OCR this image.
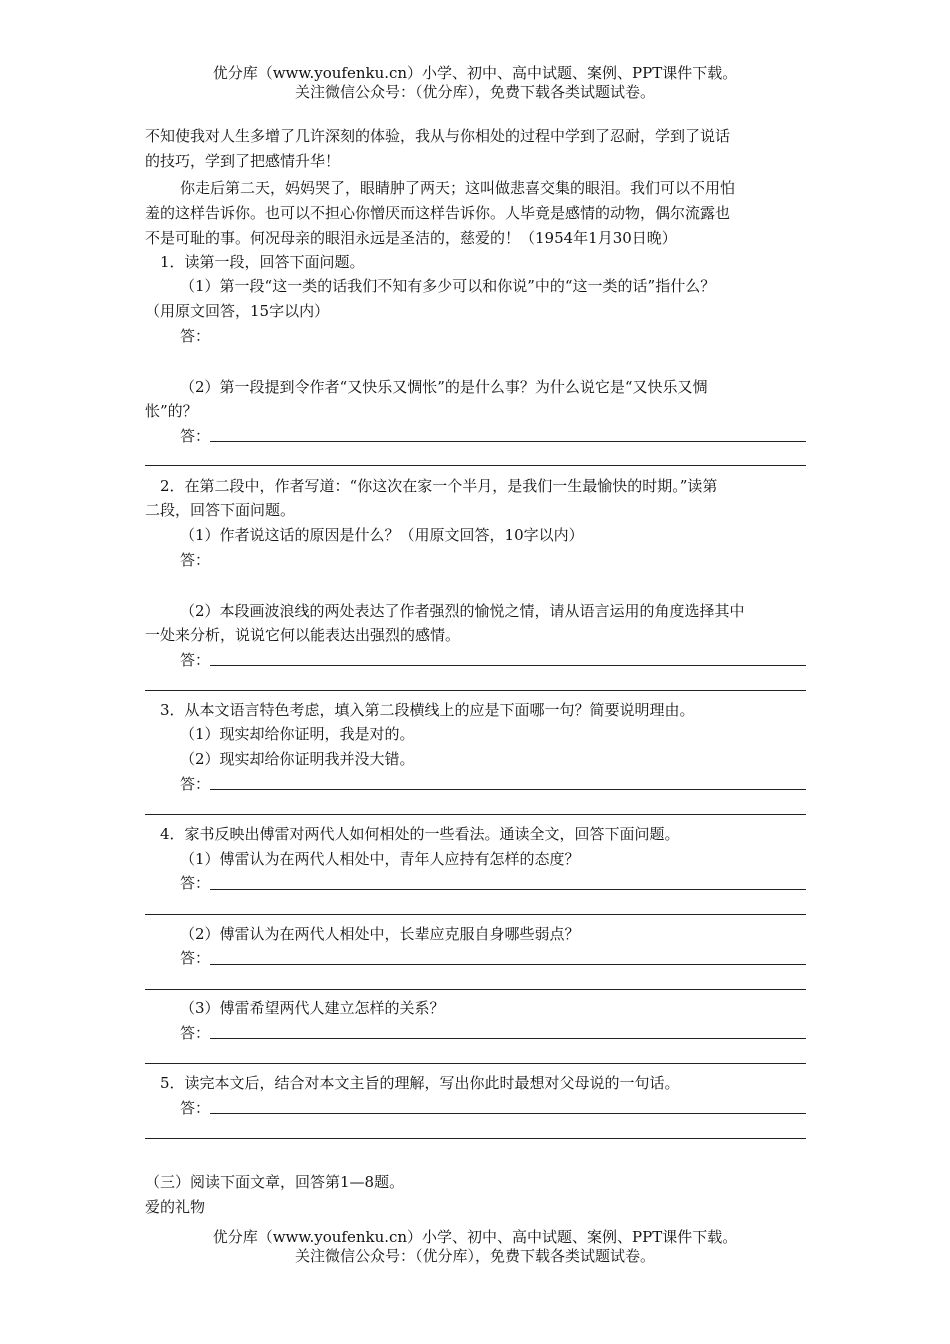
优分库（www.youfenku.cn）小学、初中、高中试题、案例、PPT课件下载。
关注微信公众号：（优分库），免费下载各类试题试卷。
不知使我对人生多增了几许深刻的体验，我从与你相处的过程中学到了忍耐，学到了说话
的技巧，学到了把感情升华！
你走后第二天，妈妈哭了，眼睛肿了两天；这叫做悲喜交集的眼泪。我们可以不用怕
羞的这样告诉你。也可以不担心你憎厌而这样告诉你。人毕竟是感情的动物，偶尔流露也
不是可耻的事。何况母亲的眼泪永远是圣洁的，慈爱的！（1954年1月30日晚）
1．读第一段，回答下面问题。
（1）第一段“这一类的话我们不知有多少可以和你说”中的“这一类的话”指什么？
（用原文回答，15字以内）
答：
（2）第一段提到令作者“又快乐又惆怅”的是什么事？为什么说它是“又快乐又惆
怅”的？
答：
2．在第二段中，作者写道：“你这次在家一个半月，是我们一生最愉快的时期。”读第
二段，回答下面问题。
（1）作者说这话的原因是什么？（用原文回答，10字以内）
答：
（2）本段画波浪线的两处表达了作者强烈的愉悦之情，请从语言运用的角度选择其中
一处来分析，说说它何以能表达出强烈的感情。
答：
3．从本文语言特色考虑，填入第二段横线上的应是下面哪一句？简要说明理由。
（1）现实却给你证明，我是对的。
（2）现实却给你证明我并没大错。
答：
4．家书反映出傅雷对两代人如何相处的一些看法。通读全文，回答下面问题。
（1）傅雷认为在两代人相处中，青年人应持有怎样的态度？
答：
（2）傅雷认为在两代人相处中，长辈应克服自身哪些弱点？
答：
（3）傅雷希望两代人建立怎样的关系？
答：
5．读完本文后，结合对本文主旨的理解，写出你此时最想对父母说的一句话。
答：
（三）阅读下面文章，回答第1—8题。
爱的礼物
优分库（www.youfenku.cn）小学、初中、高中试题、案例、PPT课件下载。
关注微信公众号：（优分库），免费下载各类试题试卷。
